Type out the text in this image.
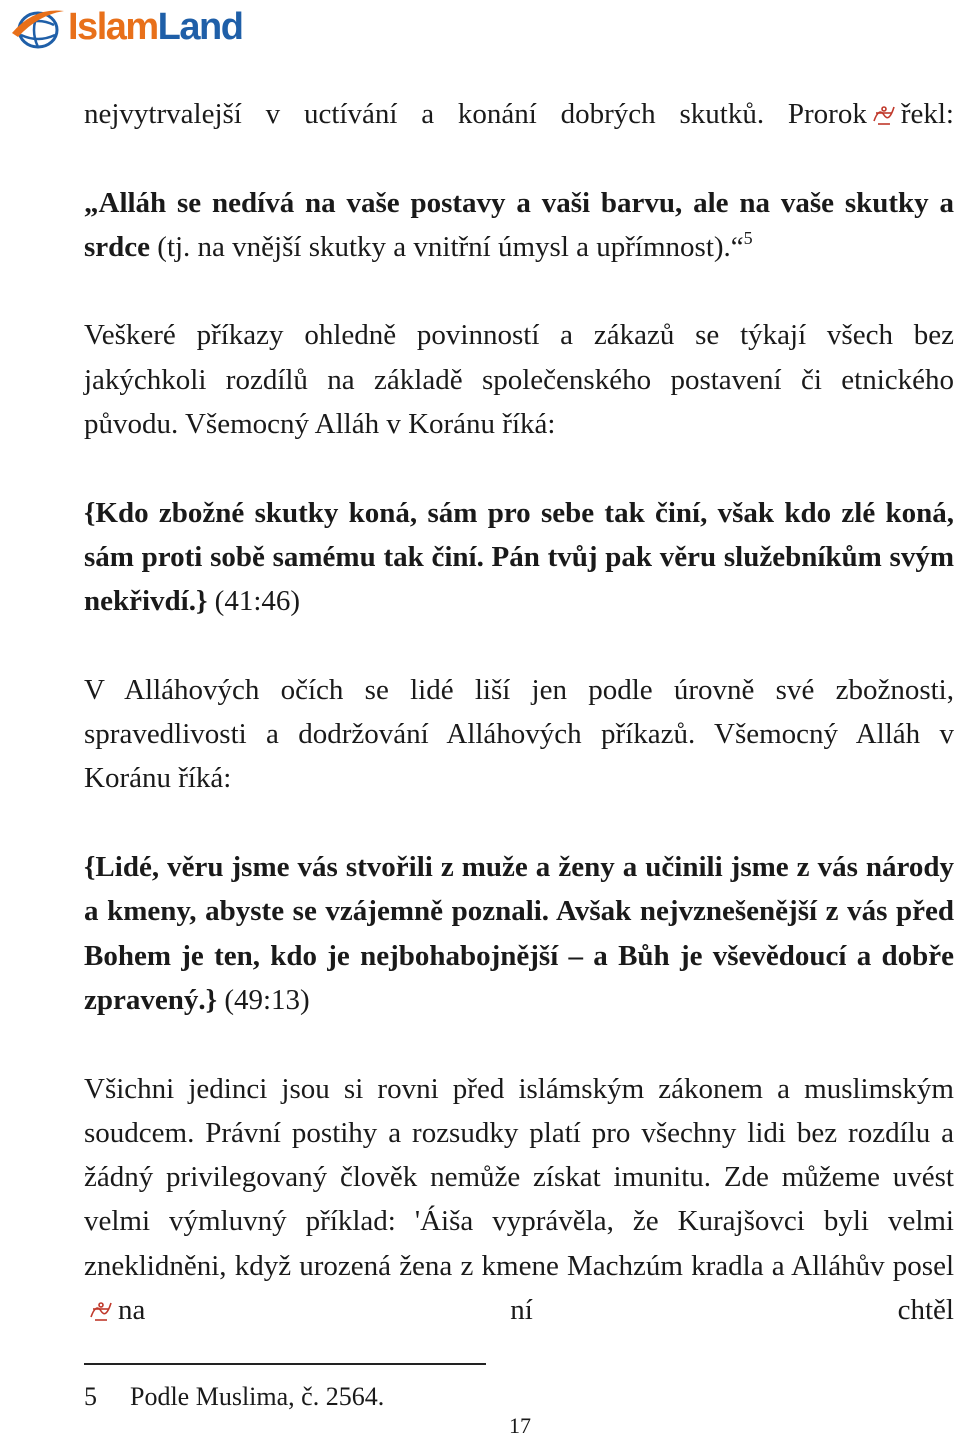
IslamLand

nejvytrvalejší v uctívání a konání dobrých skutků. Prorok řekl:

„Alláh se nedívá na vaše postavy a vaši barvu, ale na vaše skutky a srdce (tj. na vnější skutky a vnitřní úmysl a upřímnost).“$^5$

Veškeré příkazy ohledně povinností a zákazů se týkají všech bez jakýchkoli rozdílů na základě společenského postavení či etnického původu. Všemocný Alláh v Koránu říká:

{Kdo zbožné skutky koná, sám pro sebe tak činí, však kdo zlé koná, sám proti sobě samému tak činí. Pán tvůj pak věru služebníkům svým nekřivdí.} (41:46)

V Alláhových očích se lidé liší jen podle úrovně své zbožnosti, spravedlivosti a dodržování Alláhových příkazů. Všemocný Alláh v Koránu říká:

{Lidé, věru jsme vás stvořili z muže a ženy a učinili jsme z vás národy a kmeny, abyste se vzájemně poznali. Avšak nejvznešenější z vás před Bohem je ten, kdo je nejbohabojnější – a Bůh je vševědoucí a dobře zpravený.} (49:13)

Všichni jedinci jsou si rovni před islámským zákonem a muslimským soudcem. Právní postihy a rozsudky platí pro všechny lidi bez rozdílu a žádný privilegovaný člověk nemůže získat imunitu. Zde můžeme uvést velmi výmluvný příklad: 'Áiša vyprávěla, že Kurajšovci byli velmi zneklidněni, když urozená žena z kmene Machzúm kradla a Alláhův poselna ní chtěl

5 Podle Muslima, č. 2564.
17
